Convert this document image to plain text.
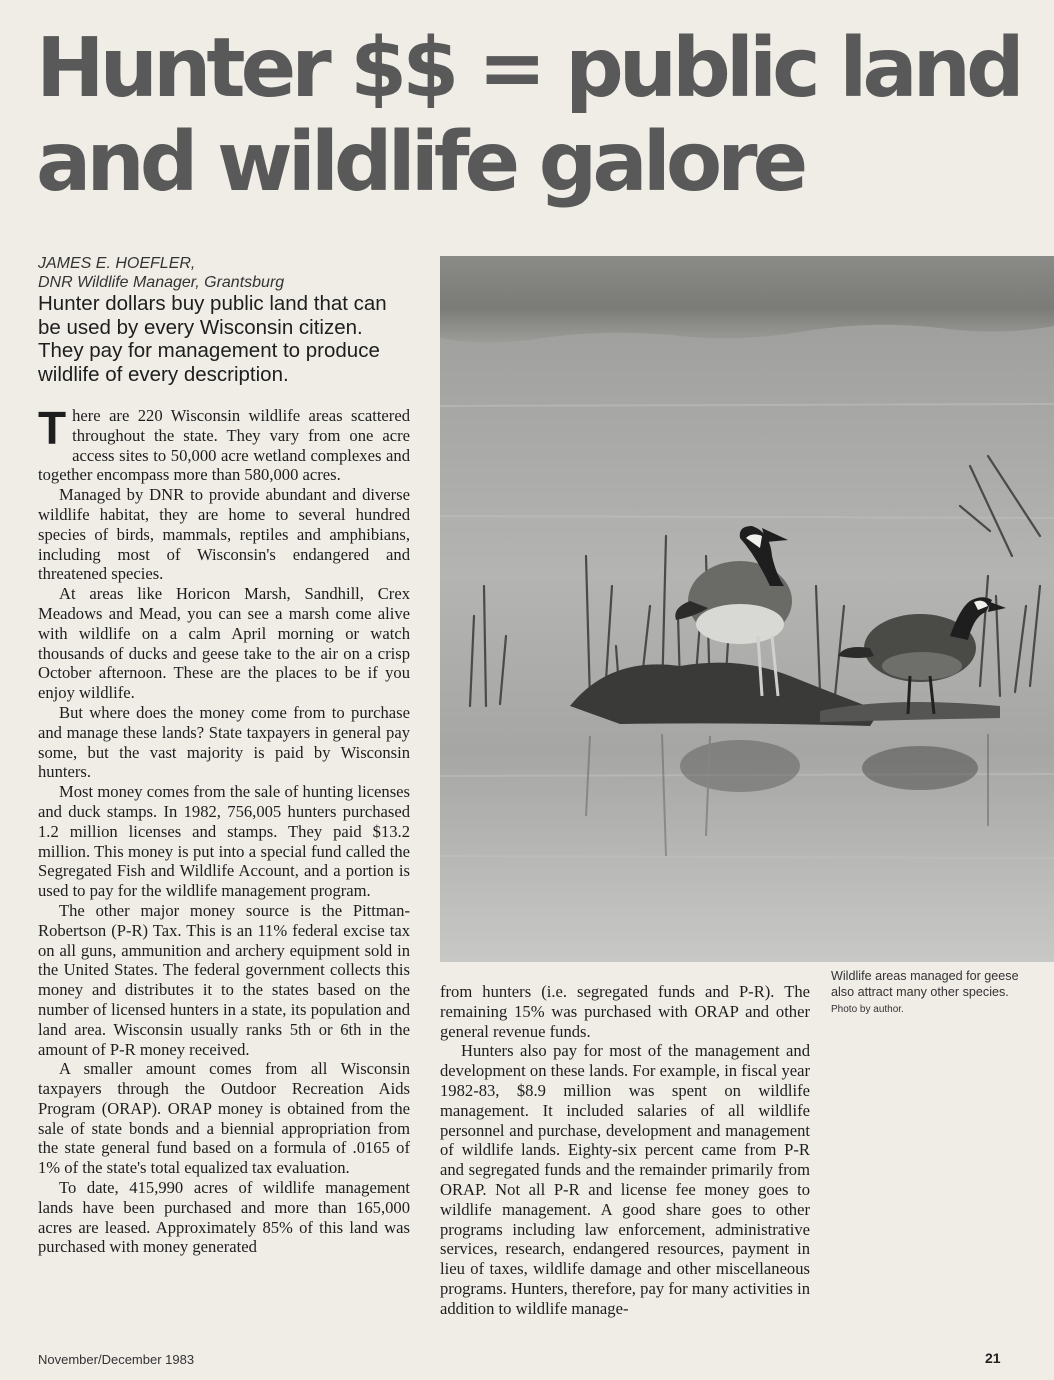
Hunter $$ = public land
and wildlife galore
JAMES E. HOEFLER,
DNR Wildlife Manager, Grantsburg
Hunter dollars buy public land that can be used by every Wisconsin citizen. They pay for management to produce wildlife of every description.

There are 220 Wisconsin wildlife areas scattered throughout the state. They vary from one acre access sites to 50,000 acre wetland complexes and together encompass more than 580,000 acres.

Managed by DNR to provide abundant and diverse wildlife habitat, they are home to several hundred species of birds, mammals, reptiles and amphibians, including most of Wisconsin's endangered and threatened species.

At areas like Horicon Marsh, Sandhill, Crex Meadows and Mead, you can see a marsh come alive with wildlife on a calm April morning or watch thousands of ducks and geese take to the air on a crisp October afternoon. These are the places to be if you enjoy wildlife.

But where does the money come from to purchase and manage these lands? State taxpayers in general pay some, but the vast majority is paid by Wisconsin hunters.

Most money comes from the sale of hunting licenses and duck stamps. In 1982, 756,005 hunters purchased 1.2 million licenses and stamps. They paid $13.2 million. This money is put into a special fund called the Segregated Fish and Wildlife Account, and a portion is used to pay for the wildlife management program.

The other major money source is the Pittman-Robertson (P-R) Tax. This is an 11% federal excise tax on all guns, ammunition and archery equipment sold in the United States. The federal government collects this money and distributes it to the states based on the number of licensed hunters in a state, its population and land area. Wisconsin usually ranks 5th or 6th in the amount of P-R money received.

A smaller amount comes from all Wisconsin taxpayers through the Outdoor Recreation Aids Program (ORAP). ORAP money is obtained from the sale of state bonds and a biennial appropriation from the state general fund based on a formula of .0165 of 1% of the state's total equalized tax evaluation.

To date, 415,990 acres of wildlife management lands have been purchased and more than 165,000 acres are leased. Approximately 85% of this land was purchased with money generated

Wildlife areas managed for geese also attract many other species. Photo by author.

from hunters (i.e. segregated funds and P-R). The remaining 15% was purchased with ORAP and other general revenue funds.

Hunters also pay for most of the management and development on these lands. For example, in fiscal year 1982-83, $8.9 million was spent on wildlife management. It included salaries of all wildlife personnel and purchase, development and management of wildlife lands. Eighty-six percent came from P-R and segregated funds and the remainder primarily from ORAP. Not all P-R and license fee money goes to wildlife management. A good share goes to other programs including law enforcement, administrative services, research, endangered resources, payment in lieu of taxes, wildlife damage and other miscellaneous programs. Hunters, therefore, pay for many activities in addition to wildlife manage-

November/December 1983	21
